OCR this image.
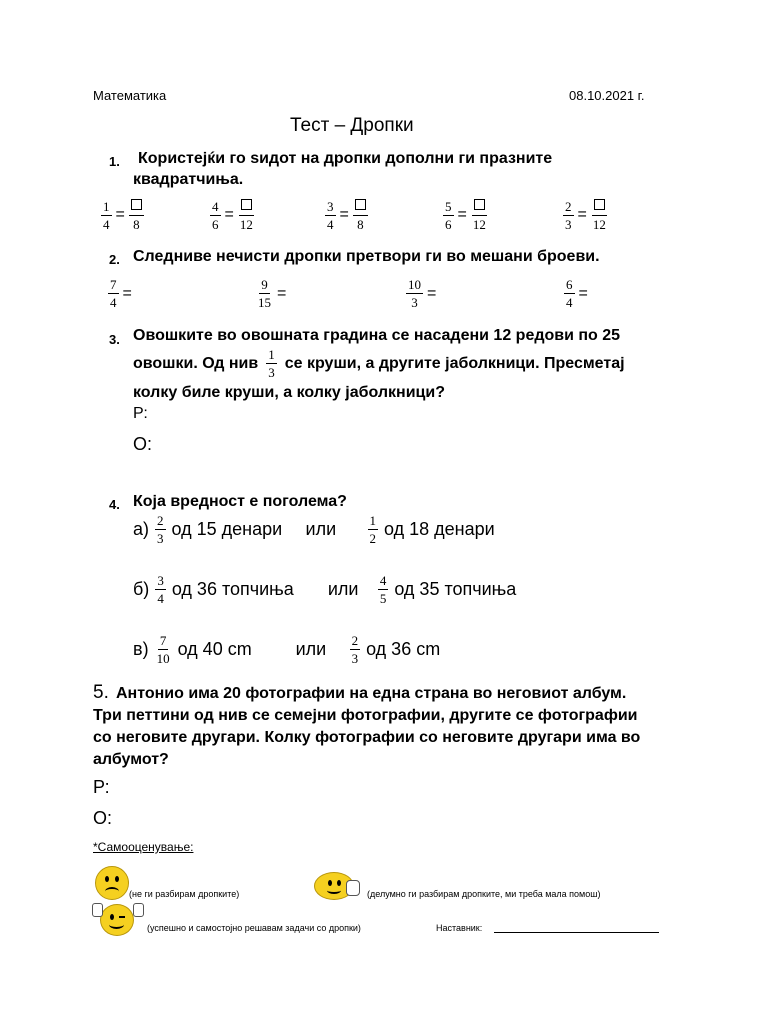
Математика	08.10.2021 г.
Тест – Дропки
1. Користејќи го ѕидот на дропки дополни ги празните
квадратчиња.
$\frac{1}{4}$ =
8	$\frac{4}{6}$ =
12	$\frac{3}{4}$ =
8	$\frac{5}{6}$ =
12	$\frac{2}{3}$ =
12
2. Следниве нечисти дропки претвори ги во мешани броеви.
$\frac{7}{4}$ =	$\frac{9}{15}$ =	$\frac{10}{3}$ =	$\frac{6}{4}$ =
3. Овошките во овошната градина се насадени 12 редови по 25
овошки. Од нив $\frac{1}{3}$ се круши, а другите јаболкници. Пресметај
колку биле круши, а колку јаболкници?
Р:
О:
4. Која вредност е поголема?
$а) \frac{2}{3}$ од 15 денари	или	$\frac{1}{2}$ од 18 денари
$б) \frac{3}{4}$ од 36 топчиња	или	$\frac{4}{5}$ од 35 топчиња
$в) \frac{7}{10}$ од 40 cm	или	$\frac{2}{3}$ од 36 cm
5. Антонио има 20 фотографии на една страна во неговиот албум.
Три петтини од нив се семејни фотографии, другите се фотографии
со неговите другари. Колку фотографии со неговите другари има во
албумот?
Р:
О:
*Самооценување:
(не ги разбирам дропките)	(делумно ги разбирам дропките, ми треба мала помош)
(успешно и самостојно решавам задачи со дропки)	Наставник:
